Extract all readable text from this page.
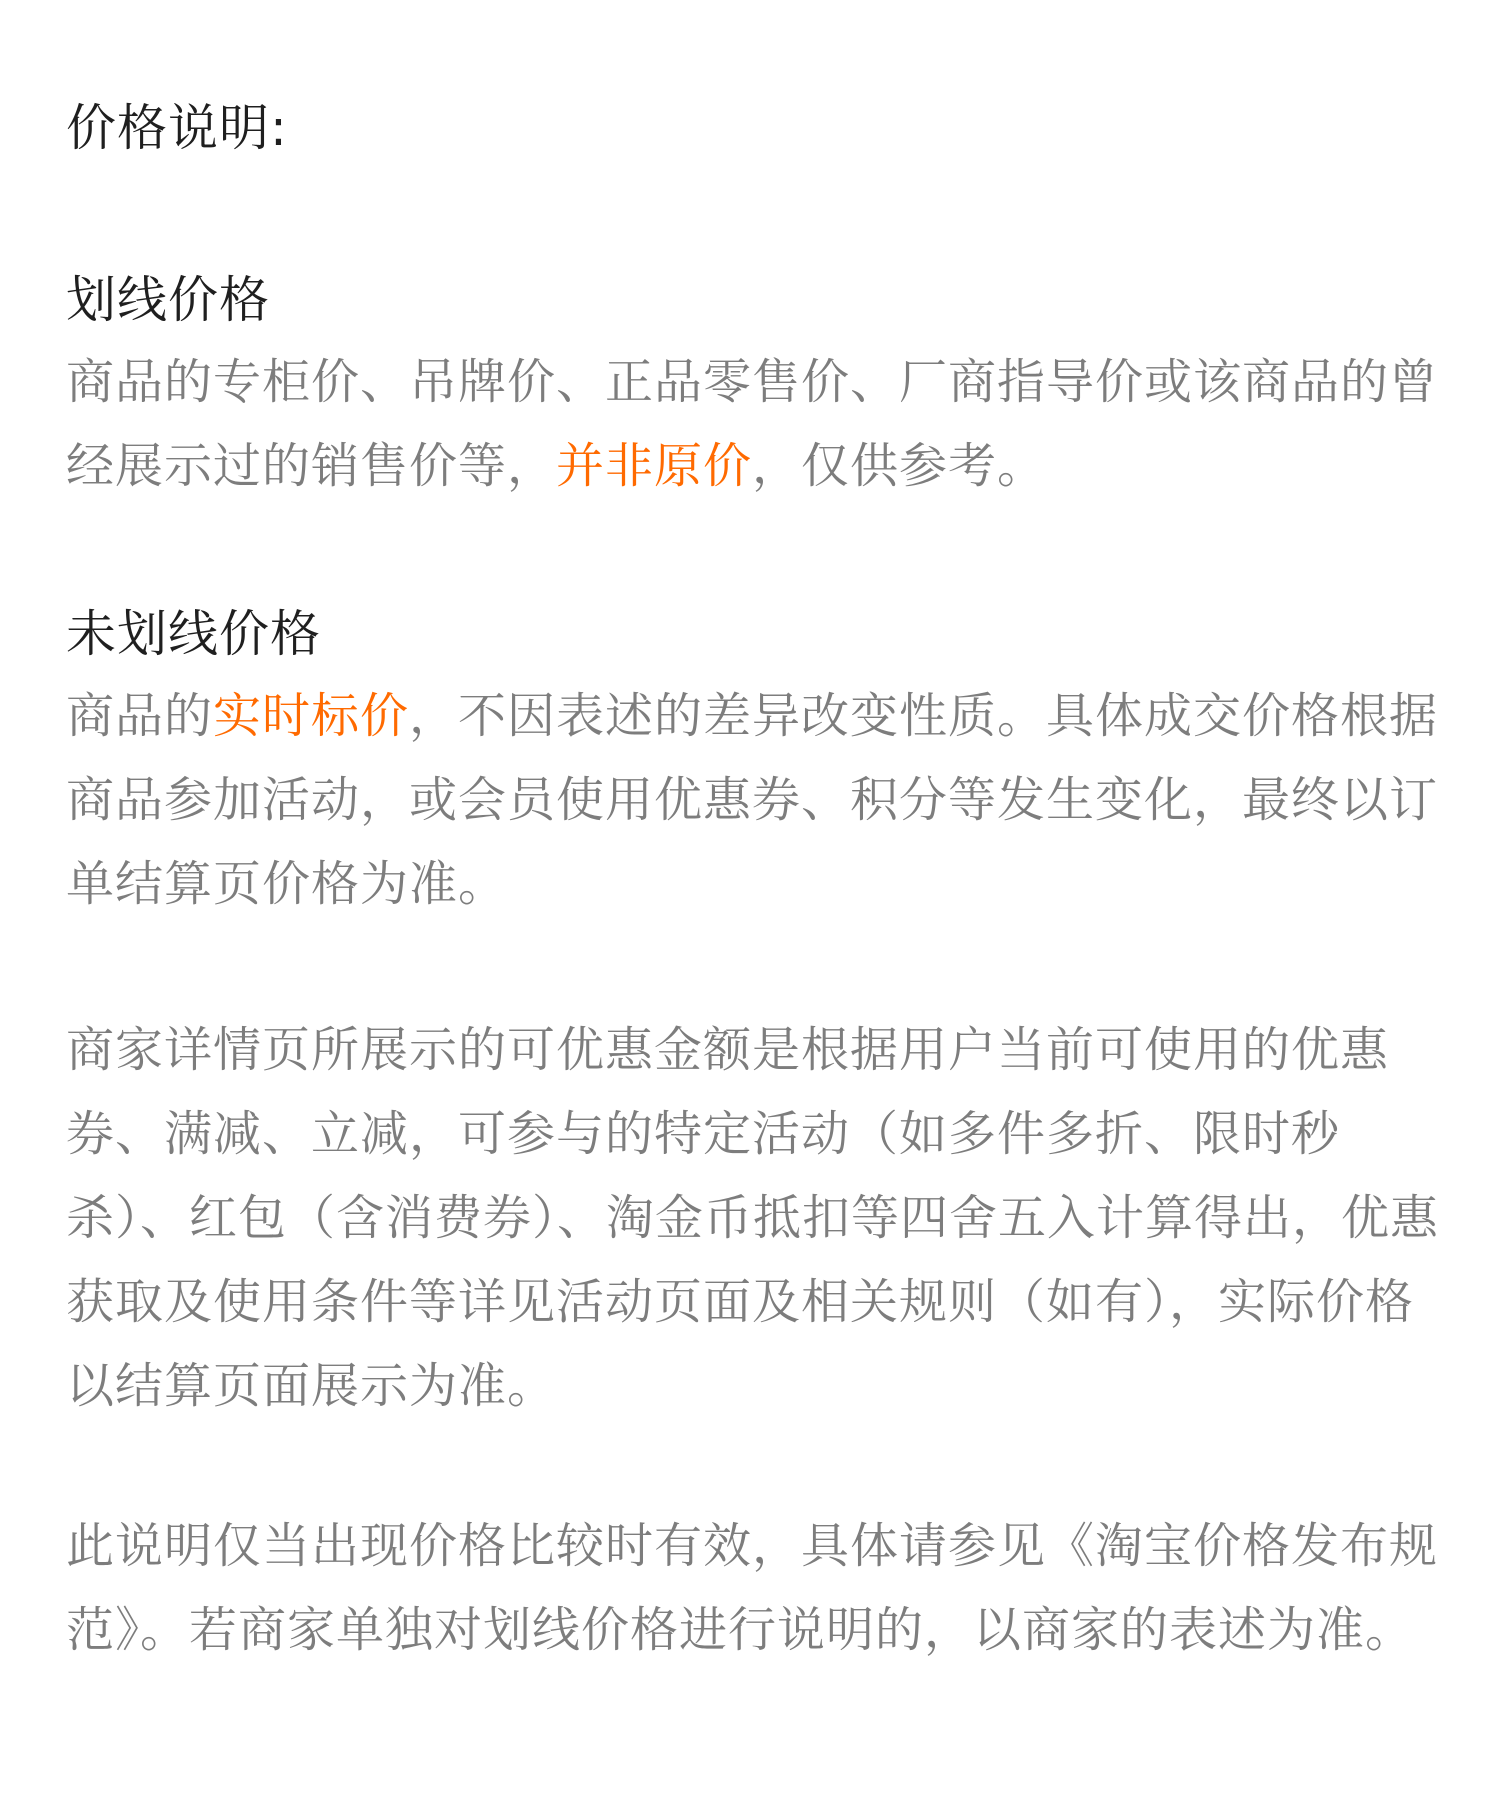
价格说明:
划线价格

商品的专柜价、吊牌价、正品零售价、厂商指导价或该商品的曾经展示过的销售价等，并非原价，仅供参考。

未划线价格

商品的实时标价，不因表述的差异改变性质。具体成交价格根据商品参加活动，或会员使用优惠券、积分等发生变化，最终以订单结算页价格为准。

商家详情页所展示的可优惠金额是根据用户当前可使用的优惠券、满减、立减，可参与的特定活动（如多件多折、限时秒杀）、红包（含消费券）、淘金币抵扣等四舍五入计算得出，优惠获取及使用条件等详见活动页面及相关规则（如有），实际价格以结算页面展示为准。

此说明仅当出现价格比较时有效，具体请参见《淘宝价格发布规范》。若商家单独对划线价格进行说明的，以商家的表述为准。
